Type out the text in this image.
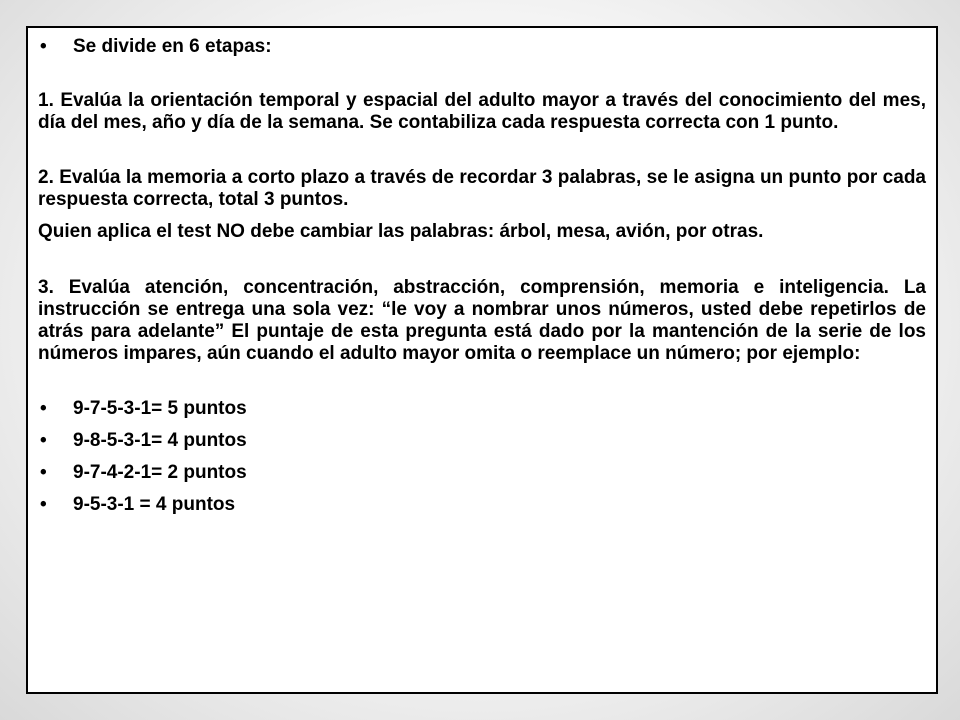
• Se divide en 6 etapas:
1. Evalúa la orientación temporal y espacial del adulto mayor a través del conocimiento del mes, día del mes, año y día de la semana. Se contabiliza cada respuesta correcta con 1 punto.
2. Evalúa la memoria a corto plazo a través de recordar 3 palabras, se le asigna un punto por cada respuesta correcta, total 3 puntos.
Quien aplica el test NO debe cambiar las palabras: árbol, mesa, avión, por otras.
3. Evalúa atención, concentración, abstracción, comprensión, memoria e inteligencia. La instrucción se entrega una sola vez: “le voy a nombrar unos números, usted debe repetirlos de atrás para adelante” El puntaje de esta pregunta está dado por la mantención de la serie de los números impares, aún cuando el adulto mayor omita o reemplace un número; por ejemplo:
• 9-7-5-3-1= 5 puntos
• 9-8-5-3-1= 4 puntos
• 9-7-4-2-1= 2 puntos
• 9-5-3-1 = 4 puntos
